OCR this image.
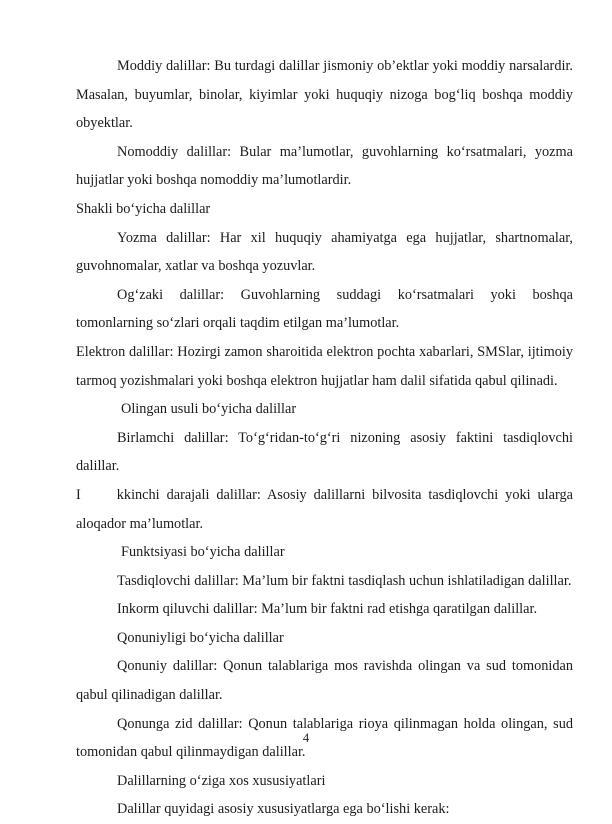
Moddiy dalillar: Bu turdagi dalillar jismoniy ob’ektlar yoki moddiy narsalardir. Masalan, buyumlar, binolar, kiyimlar yoki huquqiy nizoga bog‘liq boshqa moddiy obyektlar.

Nomoddiy dalillar: Bular ma’lumotlar, guvohlarning ko‘rsatmalari, yozma hujjatlar yoki boshqa nomoddiy ma’lumotlardir.

Shakli bo‘yicha dalillar

Yozma dalillar: Har xil huquqiy ahamiyatga ega hujjatlar, shartnomalar, guvohnomalar, xatlar va boshqa yozuvlar.

Og‘zaki dalillar: Guvohlarning suddagi ko‘rsatmalari yoki boshqa tomonlarning so‘zlari orqali taqdim etilgan ma’lumotlar.

Elektron dalillar: Hozirgi zamon sharoitida elektron pochta xabarlari, SMSlar, ijtimoiy tarmoq yozishmalari yoki boshqa elektron hujjatlar ham dalil sifatida qabul qilinadi.

Olingan usuli bo‘yicha dalillar

Birlamchi dalillar: To‘g‘ridan-to‘g‘ri nizoning asosiy faktini tasdiqlovchi dalillar.

I	kkinchi darajali dalillar: Asosiy dalillarni bilvosita tasdiqlovchi yoki ularga aloqador ma’lumotlar.

Funktsiyasi bo‘yicha dalillar

Tasdiqlovchi dalillar: Ma’lum bir faktni tasdiqlash uchun ishlatiladigan dalillar.

Inkorm qiluvchi dalillar: Ma’lum bir faktni rad etishga qaratilgan dalillar.

Qonuniyligi bo‘yicha dalillar

Qonuniy dalillar: Qonun talablariga mos ravishda olingan va sud tomonidan qabul qilinadigan dalillar.

Qonunga zid dalillar: Qonun talablariga rioya qilinmagan holda olingan, sud tomonidan qabul qilinmaydigan dalillar.

Dalillarning o‘ziga xos xususiyatlari

Dalillar quyidagi asosiy xususiyatlarga ega bo‘lishi kerak:

4
